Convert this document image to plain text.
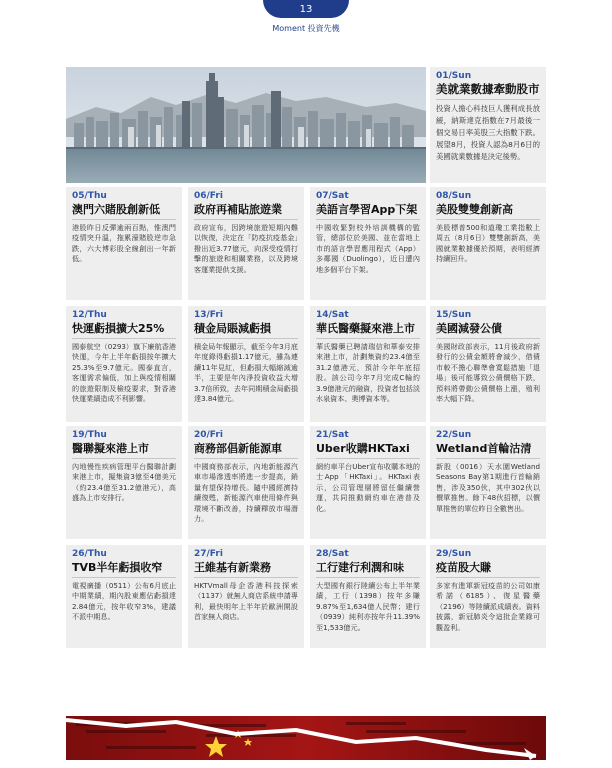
13
Moment 投資先機
01/Sun
美就業數據牽動股市
投資人擔心科技巨人獲利成長放緩，納斯達克指數在7月最後一個交易日率美股三大指數下跌。展望8月，投資人認為8月6日的美國就業數據是決定後勢。
05/Thu
澳門六賭股創新低
港股昨日反彈逾兩百點，惟澳門疫情突升溫，拖累濠賭股逆市急跌，六大博彩股全線創出一年新低。
06/Fri
政府再補貼旅遊業
政府宣布，因跨境旅遊短期內難以恢復，決定在「防疫抗疫基金」撥出近3.77億元，向深受疫情打擊的旅遊和相關業務，以及跨境客運業提供支援。
07/Sat
美語言學習App下架
中國收緊對校外培訓機構的監管，總部位於美國、並在當地上市的語言學習應用程式（App）多鄰國（Duolingo），近日遭內地多個平台下架。
08/Sun
美股雙雙創新高
美股標普500和道瓊工業指數上周五（8月6日）雙雙創新高，美國就業數據優於預期，表明經濟持續回升。
12/Thu
快運虧損擴大25%
國泰航空（0293）旗下廉航香港快運，今年上半年虧損按年擴大25.3%至9.7億元。國泰直言，客運需求偏低，加上與疫情相關的旅遊限制及檢疫要求，對香港快運業績造成不利影響。
13/Fri
積金局賬減虧損
積金局年報顯示，截至今年3月底年度錄得虧損1.17億元，雖為連續11年見紅，但虧損大幅縮減逾半，主要是年內淨投資收益大增3.7倍所致，去年同期積金局虧損達3.84億元。
14/Sat
華氏醫藥擬來港上市
華氏醫藥已聘請瑞信和華泰安排來港上市，計劃集資約23.4億至31.2億港元，預計今年年底招股。該公司今年7月完成C輪約3.9億港元的融資，投資者包括淡水泉資本、奧博資本等。
15/Sun
美國減發公債
美國財政部表示，11月後政府新發行的公債金額將會減少，借債市較不擔心聯準會寬鬆措施「退場」後可能導致公債價格下跌，預料將帶動公債價格上漲，殖利率大幅下降。
19/Thu
醫聯擬來港上市
內地慢性疾病管理平台醫聯計劃來港上市，擬集資3億至4億美元（約23.4億至31.2億港元），高盛為上市安排行。
20/Fri
商務部倡新能源車
中國商務部表示，內地新能源汽車市場滲透率將進一步提高，銷量有望保持增長。隨中國經濟持續復甦，新能源汽車使用條件與環境不斷改善，持續釋放市場潛力。
21/Sat
Uber收購HKTaxi
網約車平台Uber宣布收購本地的士App「HKTaxi」。HKTaxi表示，公司管理層將留任繼續營運，共同推動網約車在港普及化。
22/Sun
Wetland首輪沽清
新股（0016）天水圍Wetland Seasons Bay第1期進行首輪銷售，涉及350伙，其中302伙以價單推售。餘下48伙招標，以價單推售的單位昨日全數售出。
26/Thu
TVB半年虧損收窄
電視廣播（0511）公布6月底止中期業績，期內股東應佔虧損達2.84億元，按年收窄3%，建議不派中期息。
27/Fri
王維基有新業務
HKTVmall母企香港科技探索（1137）就無人商店系統申請專利，最快明年上半年於歐洲開設首家無人商店。
28/Sat
工行建行利潤和味
大型國有銀行陸續公布上半年業績，工行（1398）按年多賺9.87%至1,634億人民幣；建行（0939）純利亦按年升11.39%至1,533億元。
29/Sun
疫苗股大賺
多家有進軍新冠疫苗的公司如康希諾（6185）、復星醫藥（2196）等陸續派成績表。資料披露，新冠肺炎令這批企業錄可觀盈利。
